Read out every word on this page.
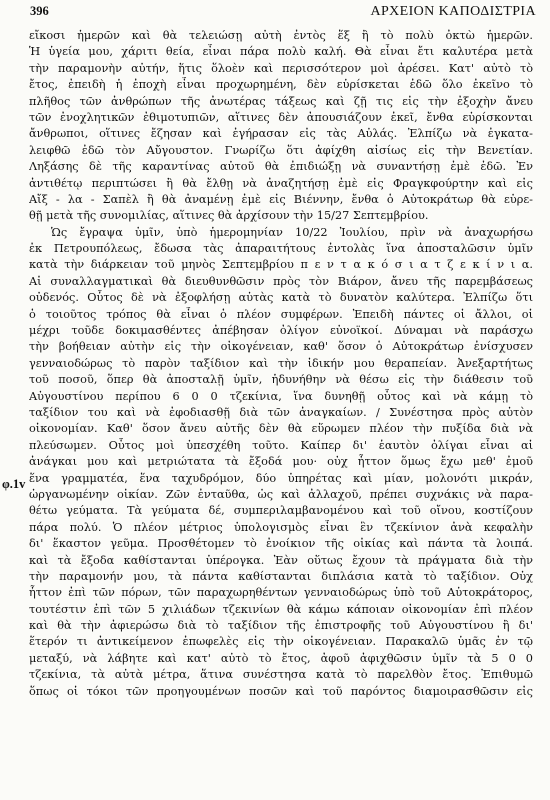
396	ΑΡΧΕΙΟΝ ΚΑΠΟΔΙΣΤΡΙΑ
φ.1v
εἴκοσι ἡμερῶν καὶ θὰ τελειώσῃ αὐτὴ ἐντὸς ἕξ ἢ τὸ πολὺ ὀκτὼ ἡμερῶν.
Ἡ ὑγεία μου, χάριτι θεία, εἶναι πάρα πολὺ καλή. Θὰ εἶναι ἔτι καλυτέρα μετὰ
τὴν παραμονὴν αὐτήν, ἥτις ὅλοὲν καὶ περισσότερον μοὶ ἀρέσει. Κατ' αὐτὸ τὸ
ἔτος, ἐπειδὴ ἡ ἐποχὴ εἶναι προχωρημένη, δὲν εὑρίσκεται ἐδῶ ὅλο ἐκεῖνο τὸ
πλῆθος τῶν ἀνθρώπων τῆς ἀνωτέρας τάξεως καὶ ζῇ τις εἰς τὴν ἐξοχὴν ἄνευ
τῶν ἐνοχλητικῶν ἐθιμοτυπιῶν, αἵτινες δὲν ἀπουσιάζουν ἐκεῖ, ἔνθα εὑρίσκονται
ἄνθρωποι, οἵτινες ἔζησαν καὶ ἐγήρασαν εἰς τὰς Αὐλάς. Ἐλπίζω νὰ ἐγκατα-
λειφθῶ ἐδῶ τὸν Αὔγουστον. Γνωρίζω ὅτι ἀφίχθη αἰσίως εἰς τὴν Βενετίαν.
Ληξάσης δὲ τῆς καραντίνας αὐτοῦ θὰ ἐπιδιώξῃ νὰ συναντήσῃ ἐμὲ ἐδῶ. Ἐν
ἀντιθέτῳ περιπτώσει ἢ θὰ ἔλθῃ νὰ ἀναζητήσῃ ἐμὲ εἰς Φραγκφούρτην καὶ εἰς
Αἴξ - λα - Σαπὲλ ἢ θὰ ἀναμένῃ ἐμὲ εἰς Βιέννην, ἔνθα ὁ Αὐτοκράτωρ θὰ εὑρε-
θῇ μετὰ τῆς συνομιλίας, αἵτινες θὰ ἀρχίσουν τὴν 15/27 Σεπτεμβρίου.
Ὡς ἔγραψα ὑμῖν, ὑπὸ ἡμερομηνίαν 10/22 Ἰουλίου, πρὶν νὰ ἀναχωρήσω
ἐκ Πετρουπόλεως, ἔδωσα τὰς ἀπαραιτήτους ἐντολὰς ἵνα ἀποσταλῶσιν ὑμῖν
κατὰ τὴν διάρκειαν τοῦ μηνὸς Σεπτεμβρίου π ε ν τ α κ ό σ ι α τ ζ ε κ ί ν ι α.
Αἱ συναλλαγματικαὶ θὰ διευθυνθῶσιν πρὸς τὸν Βιάρον, ἄνευ τῆς παρεμβάσεως
οὐδενός. Οὗτος δὲ νὰ ἐξοφλήσῃ αὐτὰς κατὰ τὸ δυνατὸν καλύτερα. Ἐλπίζω ὅτι
ὁ τοιοῦτος τρόπος θὰ εἶναι ὁ πλέον συμφέρων. Ἐπειδὴ πάντες οἱ ἄλλοι, οἱ
μέχρι τοῦδε δοκιμασθέντες ἀπέβησαν ὀλίγον εὐνοϊκοί. Δύναμαι νὰ παράσχω
τὴν βοήθειαν αὐτὴν εἰς τὴν οἰκογένειαν, καθ' ὅσον ὁ Αὐτοκράτωρ ἐνίσχυσεν
γενναιοδώρως τὸ παρὸν ταξίδιον καὶ τὴν ἰδικήν μου θεραπείαν. Ἀνεξαρτήτως
τοῦ ποσοῦ, ὅπερ θὰ ἀποσταλῇ ὑμῖν, ἡδυνήθην νὰ θέσω εἰς τὴν διάθεσιν τοῦ
Αὐγουστίνου περίπου 6 0 0 τζεκίνια, ἵνα δυνηθῇ οὗτος καὶ νὰ κάμῃ τὸ
ταξίδιον του καὶ νὰ ἐφοδιασθῇ διὰ τῶν ἀναγκαίων. / Συνέστησα πρὸς αὐτὸν
οἰκονομίαν. Καθ' ὅσον ἄνευ αὐτῆς δὲν θὰ εὕρωμεν πλέον τὴν πυξίδα διὰ νὰ
πλεύσωμεν. Οὗτος μοὶ ὑπεσχέθη τοῦτο. Καίπερ δι' ἑαυτὸν ὀλίγαι εἶναι αἱ
ἀνάγκαι μου καὶ μετριώτατα τὰ ἔξοδά μου· οὐχ ἧττον ὅμως ἔχω μεθ' ἐμοῦ
ἕνα γραμματέα, ἕνα ταχυδρόμον, δύο ὑπηρέτας καὶ μίαν, μολονότι μικράν,
ὠργανωμένην οἰκίαν. Ζῶν ἐνταῦθα, ὡς καὶ ἀλλαχοῦ, πρέπει συχνάκις νὰ παρα-
θέτω γεύματα. Τὰ γεύματα δέ, συμπεριλαμβανομένου καὶ τοῦ οἴνου, κοστίζουν
πάρα πολύ. Ὁ πλέον μέτριος ὑπολογισμὸς εἶναι ἓν τζεκίνιον ἀνὰ κεφαλὴν
δι' ἕκαστον γεῦμα. Προσθέτομεν τὸ ἐνοίκιον τῆς οἰκίας καὶ πάντα τὰ λοιπά.
καὶ τὰ ἔξοδα καθίστανται ὑπέρογκα. Ἐὰν οὕτως ἔχουν τὰ πράγματα διὰ τὴν
τὴν παραμονήν μου, τὰ πάντα καθίστανται διπλάσια κατὰ τὸ ταξίδιον. Οὐχ
ἧττον ἐπὶ τῶν πόρων, τῶν παραχωρηθέντων γενναιοδώρως ὑπὸ τοῦ Αὐτοκράτορος,
τουτέστιν ἐπὶ τῶν 5 χιλιάδων τζεκινίων θὰ κάμω κάποιαν οἰκονομίαν ἐπὶ πλέον
καὶ θὰ τὴν ἀφιερώσω διὰ τὸ ταξίδιον τῆς ἐπιστροφῆς τοῦ Αὐγουστίνου ἢ δι'
ἕτερόν τι ἀντικείμενον ἐπωφελὲς εἰς τὴν οἰκογένειαν. Παρακαλῶ ὑμᾶς ἐν τῷ
μεταξύ, νὰ λάβητε καὶ κατ' αὐτὸ τὸ ἔτος, ἀφοῦ ἀφιχθῶσιν ὑμῖν τὰ 5 0 0
τζεκίνια, τὰ αὐτὰ μέτρα, ἅτινα συνέστησα κατὰ τὸ παρελθὸν ἔτος. Ἐπιθυμῶ
ὅπως οἱ τόκοι τῶν προηγουμένων ποσῶν καὶ τοῦ παρόντος διαμοιρασθῶσιν εἰς
